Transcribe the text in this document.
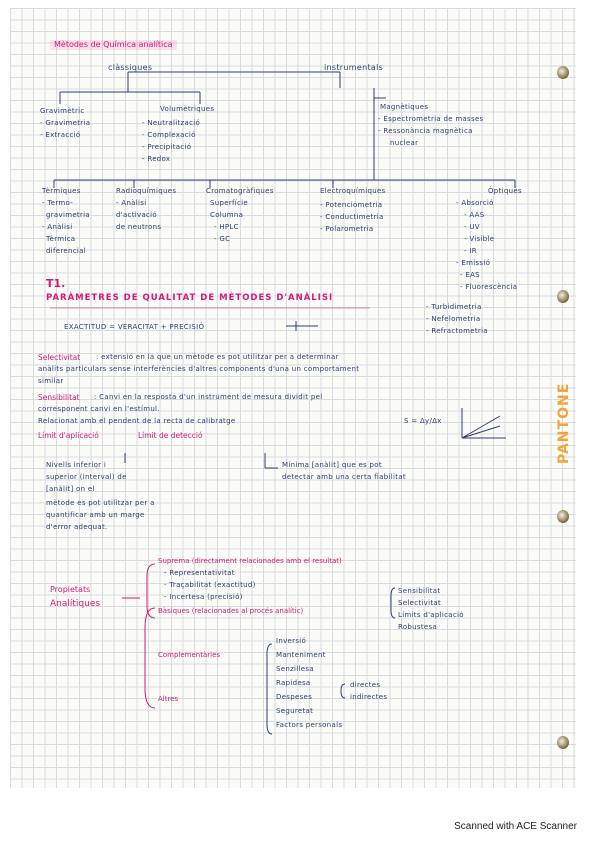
Mètodes de Química analítica
clàssiques	instrumentals
Gravimètric
- Gravimetria
- Extracció
Volumètriques
- Neutralització
- Complexació
- Precipitació
- Redox
Magnètiques
- Espectrometria de masses
- Ressonància magnètica
nuclear
Tèrmiques
- Termo-
gravimetria
- Anàlisi
Tèrmica
diferencial
Radioquímiques
- Anàlisi
d'activació
de neutrons
Cromatogràfiques
Superfície
Columna
- HPLC
- GC
Electroquímiques
- Potenciometria
- Conductimetria
- Polarometria
Òptiques
- Absorció
- AAS
- UV
- Visible
- IR
- Emissió
- EAS
- Fluorescència
- Turbidimetria
- Nefelometria
- Refractometria
T1.
PARÀMETRES DE QUALITAT DE MÈTODES D'ANÀLISI
EXACTITUD = VERACITAT + PRECISIÓ
Selectivitat : extensió en la que un mètode es pot utilitzar per a determinar
anàlits particulars sense interferències d'altres components d'una un comportament
similar
Sensibilitat : Canvi en la resposta d'un instrument de mesura dividit pel
corresponent canvi en l'estímul.
Relacionat amb el pendent de la recta de calibratge	S = Δy/Δx
Límit d'aplicació	Límit de detecció
Nivells inferior i
superior (interval) de
[anàlit] on el
mètode es pot utilitzar per a
quantificar amb un marge
d'error adequat.
Mínima [anàlit] que es pot
detectar amb una certa fiabilitat
Propietats
Analítiques
Suprema (directament relacionades amb el resultat)
- Representativitat
- Traçabilitat (exactitud)
- Incertesa (precisió)
Bàsiques (relacionades al procés analític)
Sensibilitat
Selectivitat
Límits d'aplicació
Robustesa
Complementàries
Inversió
Manteniment
Senzillesa
Rapidesa
Despeses
Seguretat
Factors personals
directes
indirectes
Altres
PANTONE
Scanned with ACE Scanner
